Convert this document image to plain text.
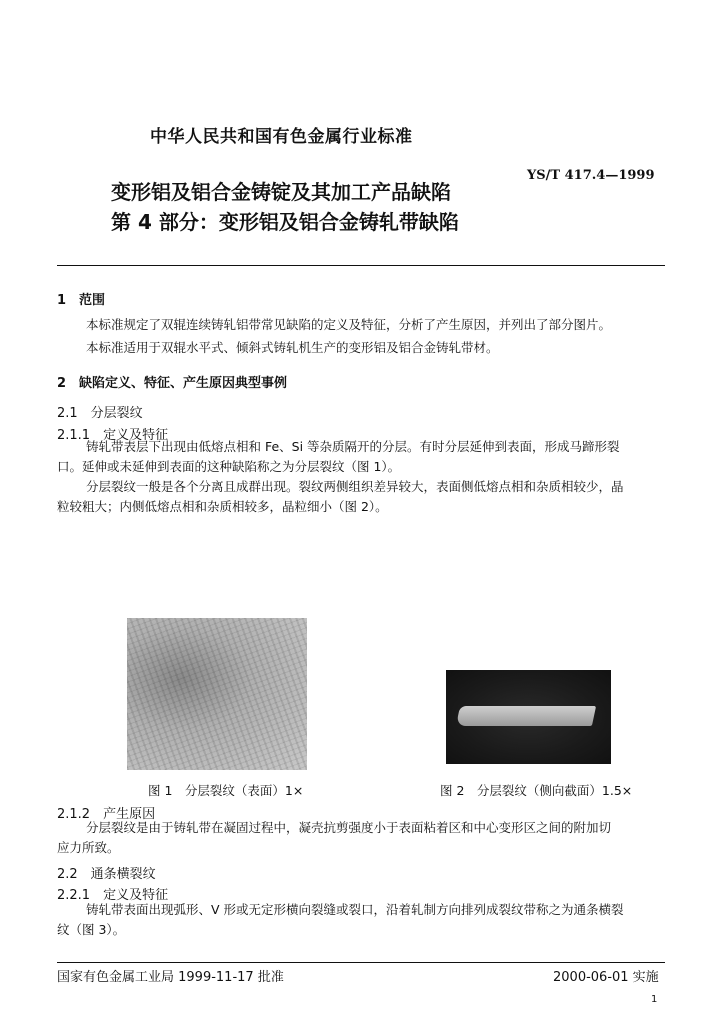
中华人民共和国有色金属行业标准
YS/T 417.4—1999
变形铝及铝合金铸锭及其加工产品缺陷
第 4 部分：变形铝及铝合金铸轧带缺陷
1　范围
本标准规定了双辊连续铸轧铝带常见缺陷的定义及特征，分析了产生原因，并列出了部分图片。
本标准适用于双辊水平式、倾斜式铸轧机生产的变形铝及铝合金铸轧带材。
2　缺陷定义、特征、产生原因典型事例
2.1　分层裂纹
2.1.1　定义及特征
铸轧带表层下出现由低熔点相和 Fe、Si 等杂质隔开的分层。有时分层延伸到表面，形成马蹄形裂
口。延伸或未延伸到表面的这种缺陷称之为分层裂纹（图 1）。
分层裂纹一般是各个分离且成群出现。裂纹两侧组织差异较大，表面侧低熔点相和杂质相较少，晶
粒较粗大；内侧低熔点相和杂质相较多，晶粒细小（图 2）。
图 1　分层裂纹（表面）1×	图 2　分层裂纹（侧向截面）1.5×
2.1.2　产生原因
分层裂纹是由于铸轧带在凝固过程中，凝壳抗剪强度小于表面粘着区和中心变形区之间的附加切
应力所致。
2.2　通条横裂纹
2.2.1　定义及特征
铸轧带表面出现弧形、V 形或无定形横向裂缝或裂口，沿着轧制方向排列成裂纹带称之为通条横裂
纹（图 3）。
国家有色金属工业局 1999-11-17 批准	2000-06-01 实施
1
